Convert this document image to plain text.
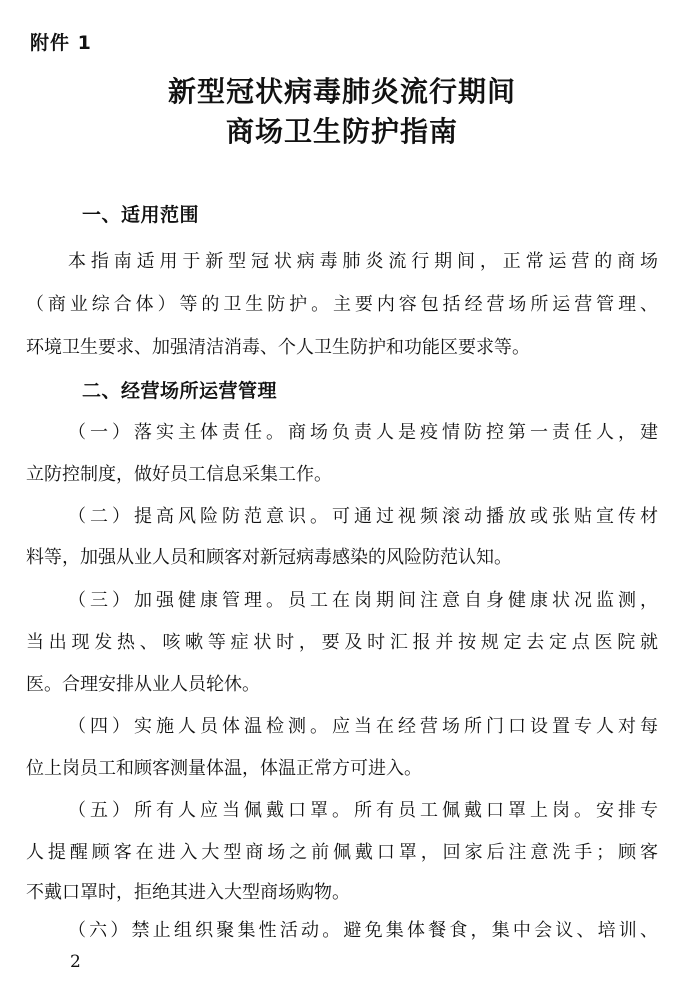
附件 1
新型冠状病毒肺炎流行期间
商场卫生防护指南
一、适用范围
本指南适用于新型冠状病毒肺炎流行期间，正常运营的商场
（商业综合体）等的卫生防护。主要内容包括经营场所运营管理、
环境卫生要求、加强清洁消毒、个人卫生防护和功能区要求等。
二、经营场所运营管理
（一）落实主体责任。商场负责人是疫情防控第一责任人，建
立防控制度，做好员工信息采集工作。
（二）提高风险防范意识。可通过视频滚动播放或张贴宣传材
料等，加强从业人员和顾客对新冠病毒感染的风险防范认知。
（三）加强健康管理。员工在岗期间注意自身健康状况监测，
当出现发热、咳嗽等症状时，要及时汇报并按规定去定点医院就
医。合理安排从业人员轮休。
（四）实施人员体温检测。应当在经营场所门口设置专人对每
位上岗员工和顾客测量体温，体温正常方可进入。
（五）所有人应当佩戴口罩。所有员工佩戴口罩上岗。安排专
人提醒顾客在进入大型商场之前佩戴口罩，回家后注意洗手；顾客
不戴口罩时，拒绝其进入大型商场购物。
（六）禁止组织聚集性活动。避免集体餐食，集中会议、培训、
2
